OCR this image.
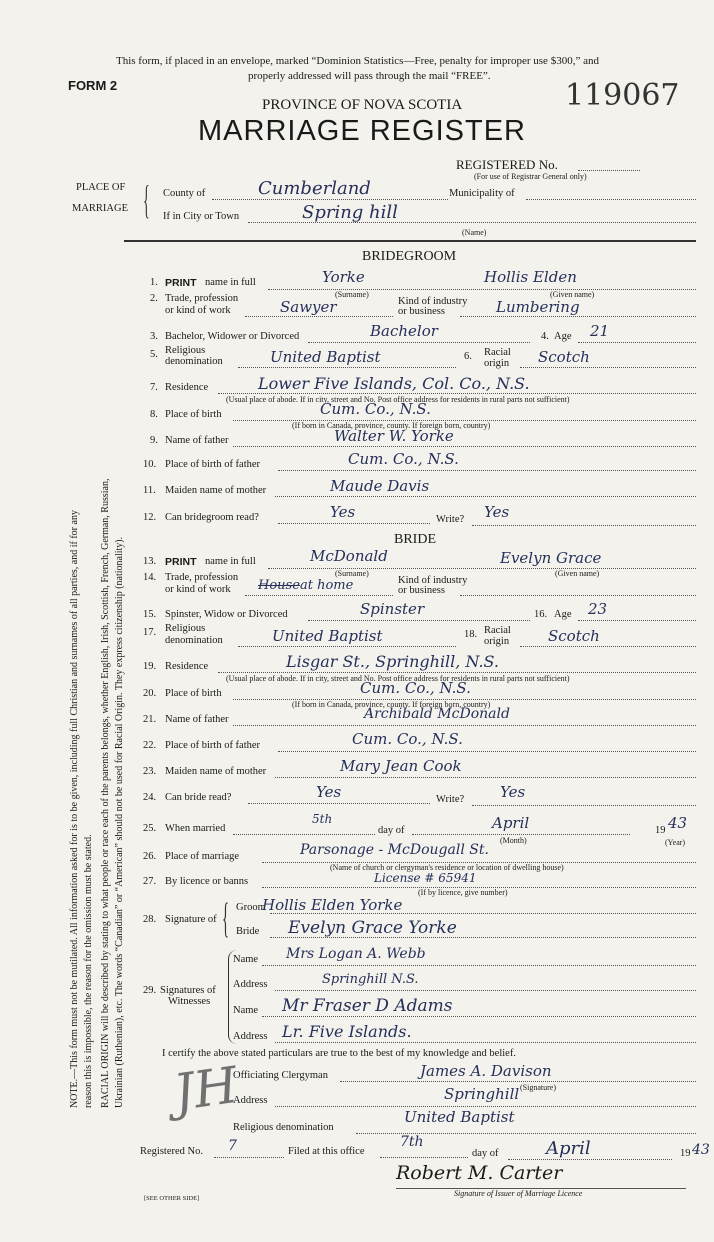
NOTE.—This form must not be mutilated. All information asked for is to be given, including full Christian and surnames of all parties, and if for any reason this is impossible, the reason for the omission must be stated. RACIAL ORIGIN will be described by stating to what people or race each of the parents belongs, whether English, Irish, Scottish, French, German, Russian, Ukrainian (Ruthenian), etc. The words “Canadian” or “American” should not be used for Racial Origin. They express citizenship (nationality).
This form, if placed in an envelope, marked “Dominion Statistics—Free, penalty for improper use $300,” and
properly addressed will pass through the mail “FREE”.
FORM 2	119067
PROVINCE OF NOVA SCOTIA
MARRIAGE REGISTER
REGISTERED No.
(For use of Registrar General only)
PLACE OF
MARRIAGE { County of	Cumberland	Municipality of
If in City or Town	Spring hill
(Name)
BRIDEGROOM
1. PRINT name in full	Yorke	Hollis Elden
(Surname)	(Given name)
2. Trade, profession
or kind of work	Sawyer	Kind of industry
or business	Lumbering
3. Bachelor, Widower or Divorced	Bachelor	4. Age 21
5. Religious
denomination	United Baptist	6. Racial
origin Scotch
7. Residence	Lower Five Islands, Col. Co., N.S.
(Usual place of abode. If in city, street and No. Post office address for residents in rural parts not sufficient)
8. Place of birth	Cum. Co., N.S.
(If born in Canada, province, county. If foreign born, country)
9. Name of father	Walter W. Yorke
10. Place of birth of father	Cum. Co., N.S.
11. Maiden name of mother	Maude Davis
12. Can bridegroom read?	Yes	Write? Yes
BRIDE
13. PRINT name in full	McDonald	Evelyn Grace
(Surname)	(Given name)
14. Trade, profession
or kind of work House at home	Kind of industry
or business
15. Spinster, Widow or Divorced	Spinster	16. Age 23
17. Religious
denomination	United Baptist	18. Racial
origin	Scotch
19. Residence	Lisgar St., Springhill, N.S.
(Usual place of abode. If in city, street and No. Post office address for residents in rural parts not sufficient)
20. Place of birth	Cum. Co., N.S.
(If born in Canada, province, county. If foreign born, country)
21. Name of father	Archibald McDonald
22. Place of birth of father	Cum. Co., N.S.
23. Maiden name of mother	Mary Jean Cook
24. Can bride read?	Yes	Write? Yes
25. When married
5th
day of	April
(Month)
19 43
(Year)
26. Place of marriage	Parsonage - McDougall St.
(Name of church or clergyman's residence or location of dwelling house)
27. By licence or banns	License # 65941
(If by licence, give number)
28. Signature of { Groom
Hollis Elden Yorke
Bride Evelyn Grace Yorke
29. Signatures of
Witnesses
Name Mrs Logan A. Webb
Address	Springhill N.S.
Name Mr Fraser D Adams
Address Lr. Five Islands.
I certify the above stated particulars are true to the best of my knowledge and belief.
Officiating Clergyman	James A. Davison
(Signature)
Address	Springhill
Religious denomination
United Baptist
JH
Registered No. 7	Filed at this office
7th
day of	April	19 43
Robert M. Carter
Signature of Issuer of Marriage Licence
[SEE OTHER SIDE]
